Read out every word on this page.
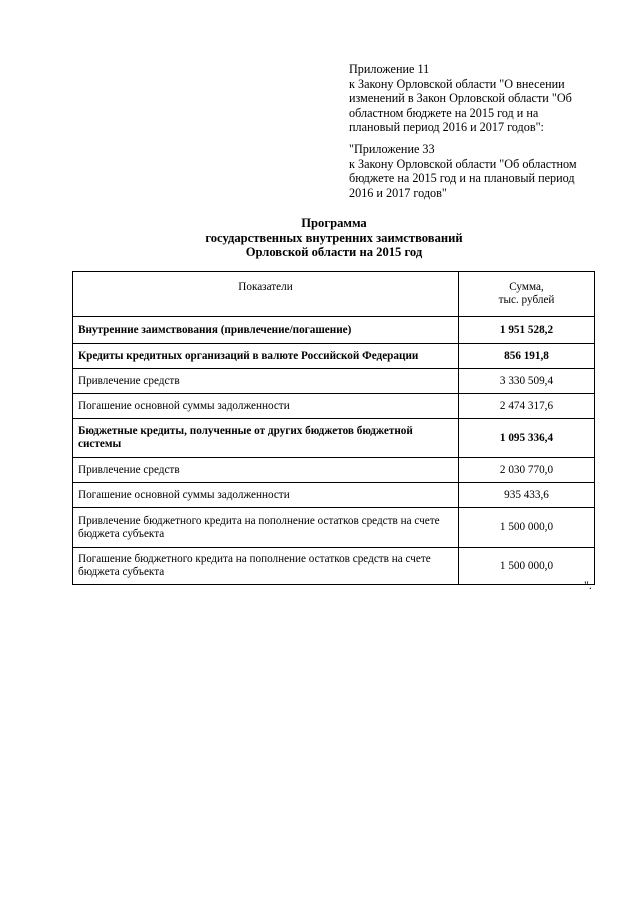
Приложение 11

к Закону Орловской области "О внесении

изменений в Закон Орловской области "Об

областном бюджете на 2015 год и на

плановый период 2016 и 2017 годов":

"Приложение 33

к Закону Орловской области "Об областном

бюджете на 2015 год и на плановый период

2016 и 2017 годов"

Программа
государственных внутренних заимствований
Орловской области на 2015 год
Показатели	Сумма,
тыс. рублей

Внутренние заимствования (привлечение/погашение)	1 951 528,2
Кредиты кредитных организаций в валюте Российской Федерации	856 191,8
Привлечение средств	3 330 509,4
Погашение основной суммы задолженности	2 474 317,6
Бюджетные кредиты, полученные от других бюджетов бюджетной системы	1 095 336,4
Привлечение средств	2 030 770,0
Погашение основной суммы задолженности	935 433,6
Привлечение бюджетного кредита на пополнение остатков средств на счете бюджета субъекта	1 500 000,0
Погашение бюджетного кредита на пополнение остатков средств на счете бюджета субъекта	1 500 000,0
".
